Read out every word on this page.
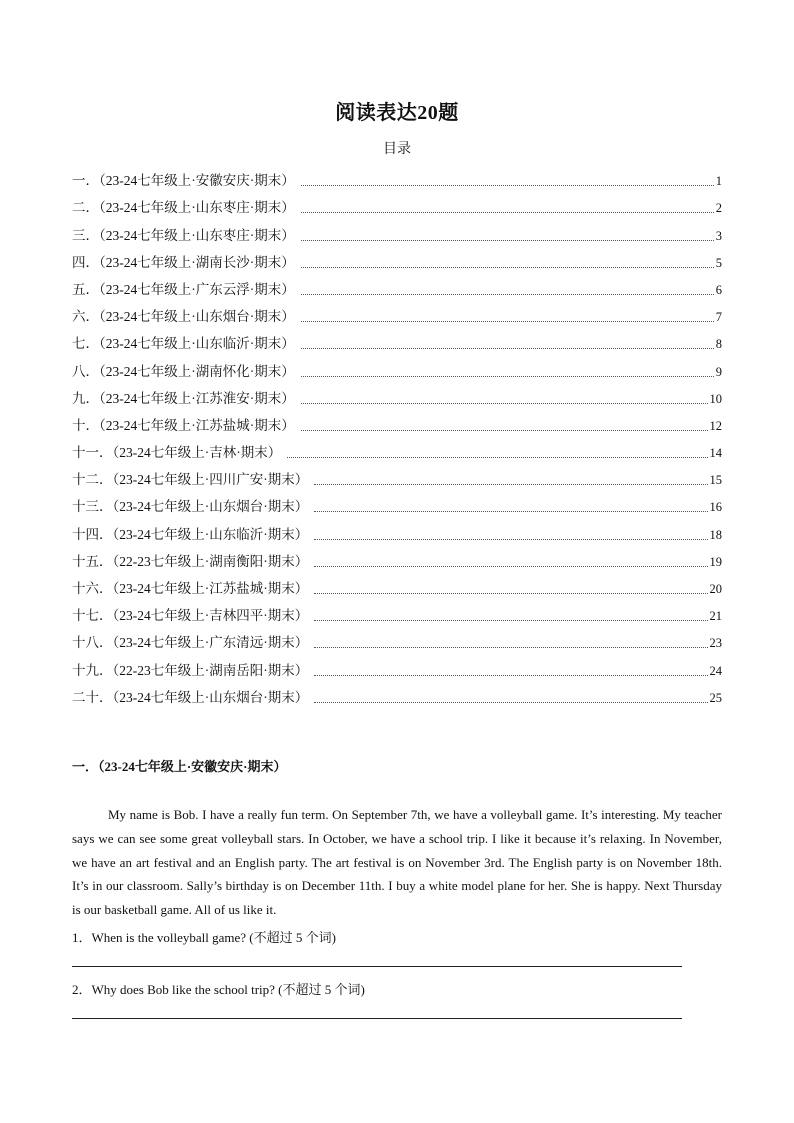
阅读表达20题
目录
一．（23-24七年级上·安徽安庆·期末）	1
二．（23-24七年级上·山东枣庄·期末）	2
三．（23-24七年级上·山东枣庄·期末）	3
四．（23-24七年级上·湖南长沙·期末）	5
五．（23-24七年级上·广东云浮·期末）	6
六．（23-24七年级上·山东烟台·期末）	7
七．（23-24七年级上·山东临沂·期末）	8
八．（23-24七年级上·湖南怀化·期末）	9
九．（23-24七年级上·江苏淮安·期末）	10
十．（23-24七年级上·江苏盐城·期末）	12
十一．（23-24七年级上·吉林·期末）	14
十二．（23-24七年级上·四川广安·期末）	15
十三．（23-24七年级上·山东烟台·期末）	16
十四．（23-24七年级上·山东临沂·期末）	18
十五．（22-23七年级上·湖南衡阳·期末）	19
十六．（23-24七年级上·江苏盐城·期末）	20
十七．（23-24七年级上·吉林四平·期末）	21
十八．（23-24七年级上·广东清远·期末）	23
十九．（22-23七年级上·湖南岳阳·期末）	24
二十．（23-24七年级上·山东烟台·期末）	25
一．（23-24七年级上·安徽安庆·期末）
My name is Bob. I have a really fun term. On September 7th, we have a volleyball game. It’s interesting. My teacher says we can see some great volleyball stars. In October, we have a school trip. I like it because it’s relaxing. In November, we have an art festival and an English party. The art festival is on November 3rd. The English party is on November 18th. It’s in our classroom. Sally’s birthday is on December 11th. I buy a white model plane for her. She is happy. Next Thursday is our basketball game. All of us like it.
1．When is the volleyball game? (不超过 5 个词)
2．Why does Bob like the school trip? (不超过 5 个词)
